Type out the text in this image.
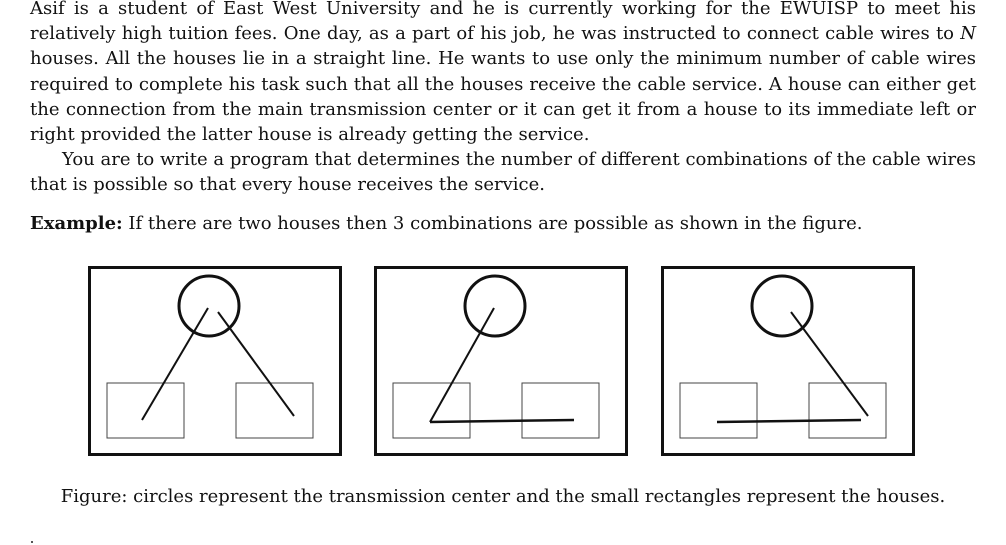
Asif is a student of East West University and he is currently working for the EWUISP to meet his relatively high tuition fees. One day, as a part of his job, he was instructed to connect cable wires to N houses. All the houses lie in a straight line. He wants to use only the minimum number of cable wires required to complete his task such that all the houses receive the cable service. A house can either get the connection from the main transmission center or it can get it from a house to its immediate left or right provided the latter house is already getting the service.

You are to write a program that determines the number of different combinations of the cable wires that is possible so that every house receives the service.

Example: If there are two houses then 3 combinations are possible as shown in the figure.

Figure: circles represent the transmission center and the small rectangles represent the houses.
